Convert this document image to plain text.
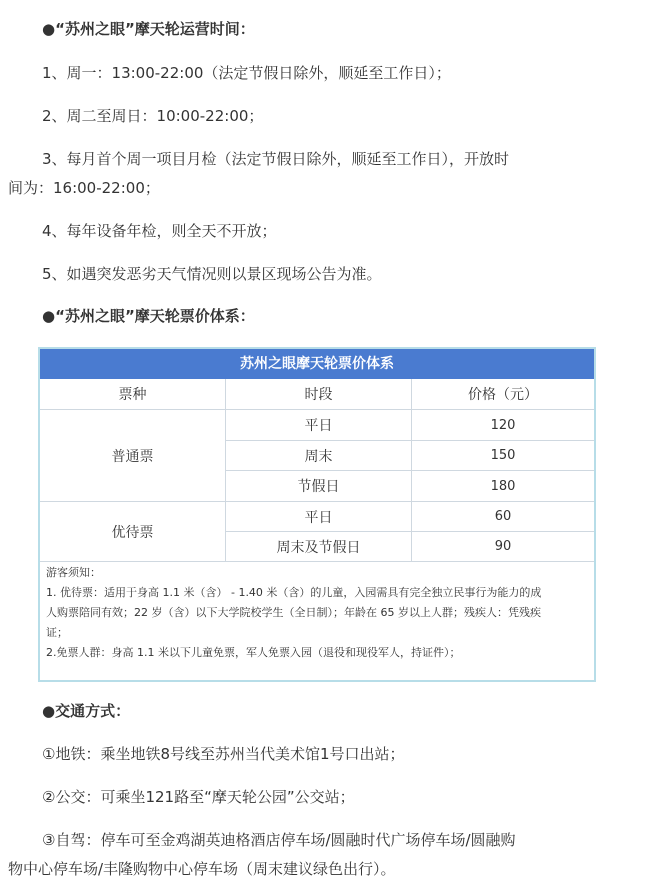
●“苏州之眼”摩天轮运营时间：
1、周一：13:00-22:00（法定节假日除外，顺延至工作日）；
2、周二至周日：10:00-22:00；
3、每月首个周一项目月检（法定节假日除外，顺延至工作日），开放时
间为：16:00-22:00；
4、每年设备年检，则全天不开放；
5、如遇突发恶劣天气情况则以景区现场公告为准。
●“苏州之眼”摩天轮票价体系：
苏州之眼摩天轮票价体系
票种	时段	价格（元）
普通票
平日	120
周末	150
节假日	180
优待票
平日	60
周末及节假日	90
游客须知：
1. 优待票：适用于身高 1.1 米（含） - 1.40 米（含）的儿童，入园需具有完全独立民事行为能力的成
人购票陪同有效；22 岁（含）以下大学院校学生（全日制）；年龄在 65 岁以上人群；残疾人：凭残疾
证；
2.免票人群：身高 1.1 米以下儿童免票，军人免票入园（退役和现役军人，持证件）；
●交通方式：
①地铁：乘坐地铁8号线至苏州当代美术馆1号口出站；
②公交：可乘坐121路至“摩天轮公园”公交站；
③自驾：停车可至金鸡湖英迪格酒店停车场/圆融时代广场停车场/圆融购
物中心停车场/丰隆购物中心停车场（周末建议绿色出行）。
